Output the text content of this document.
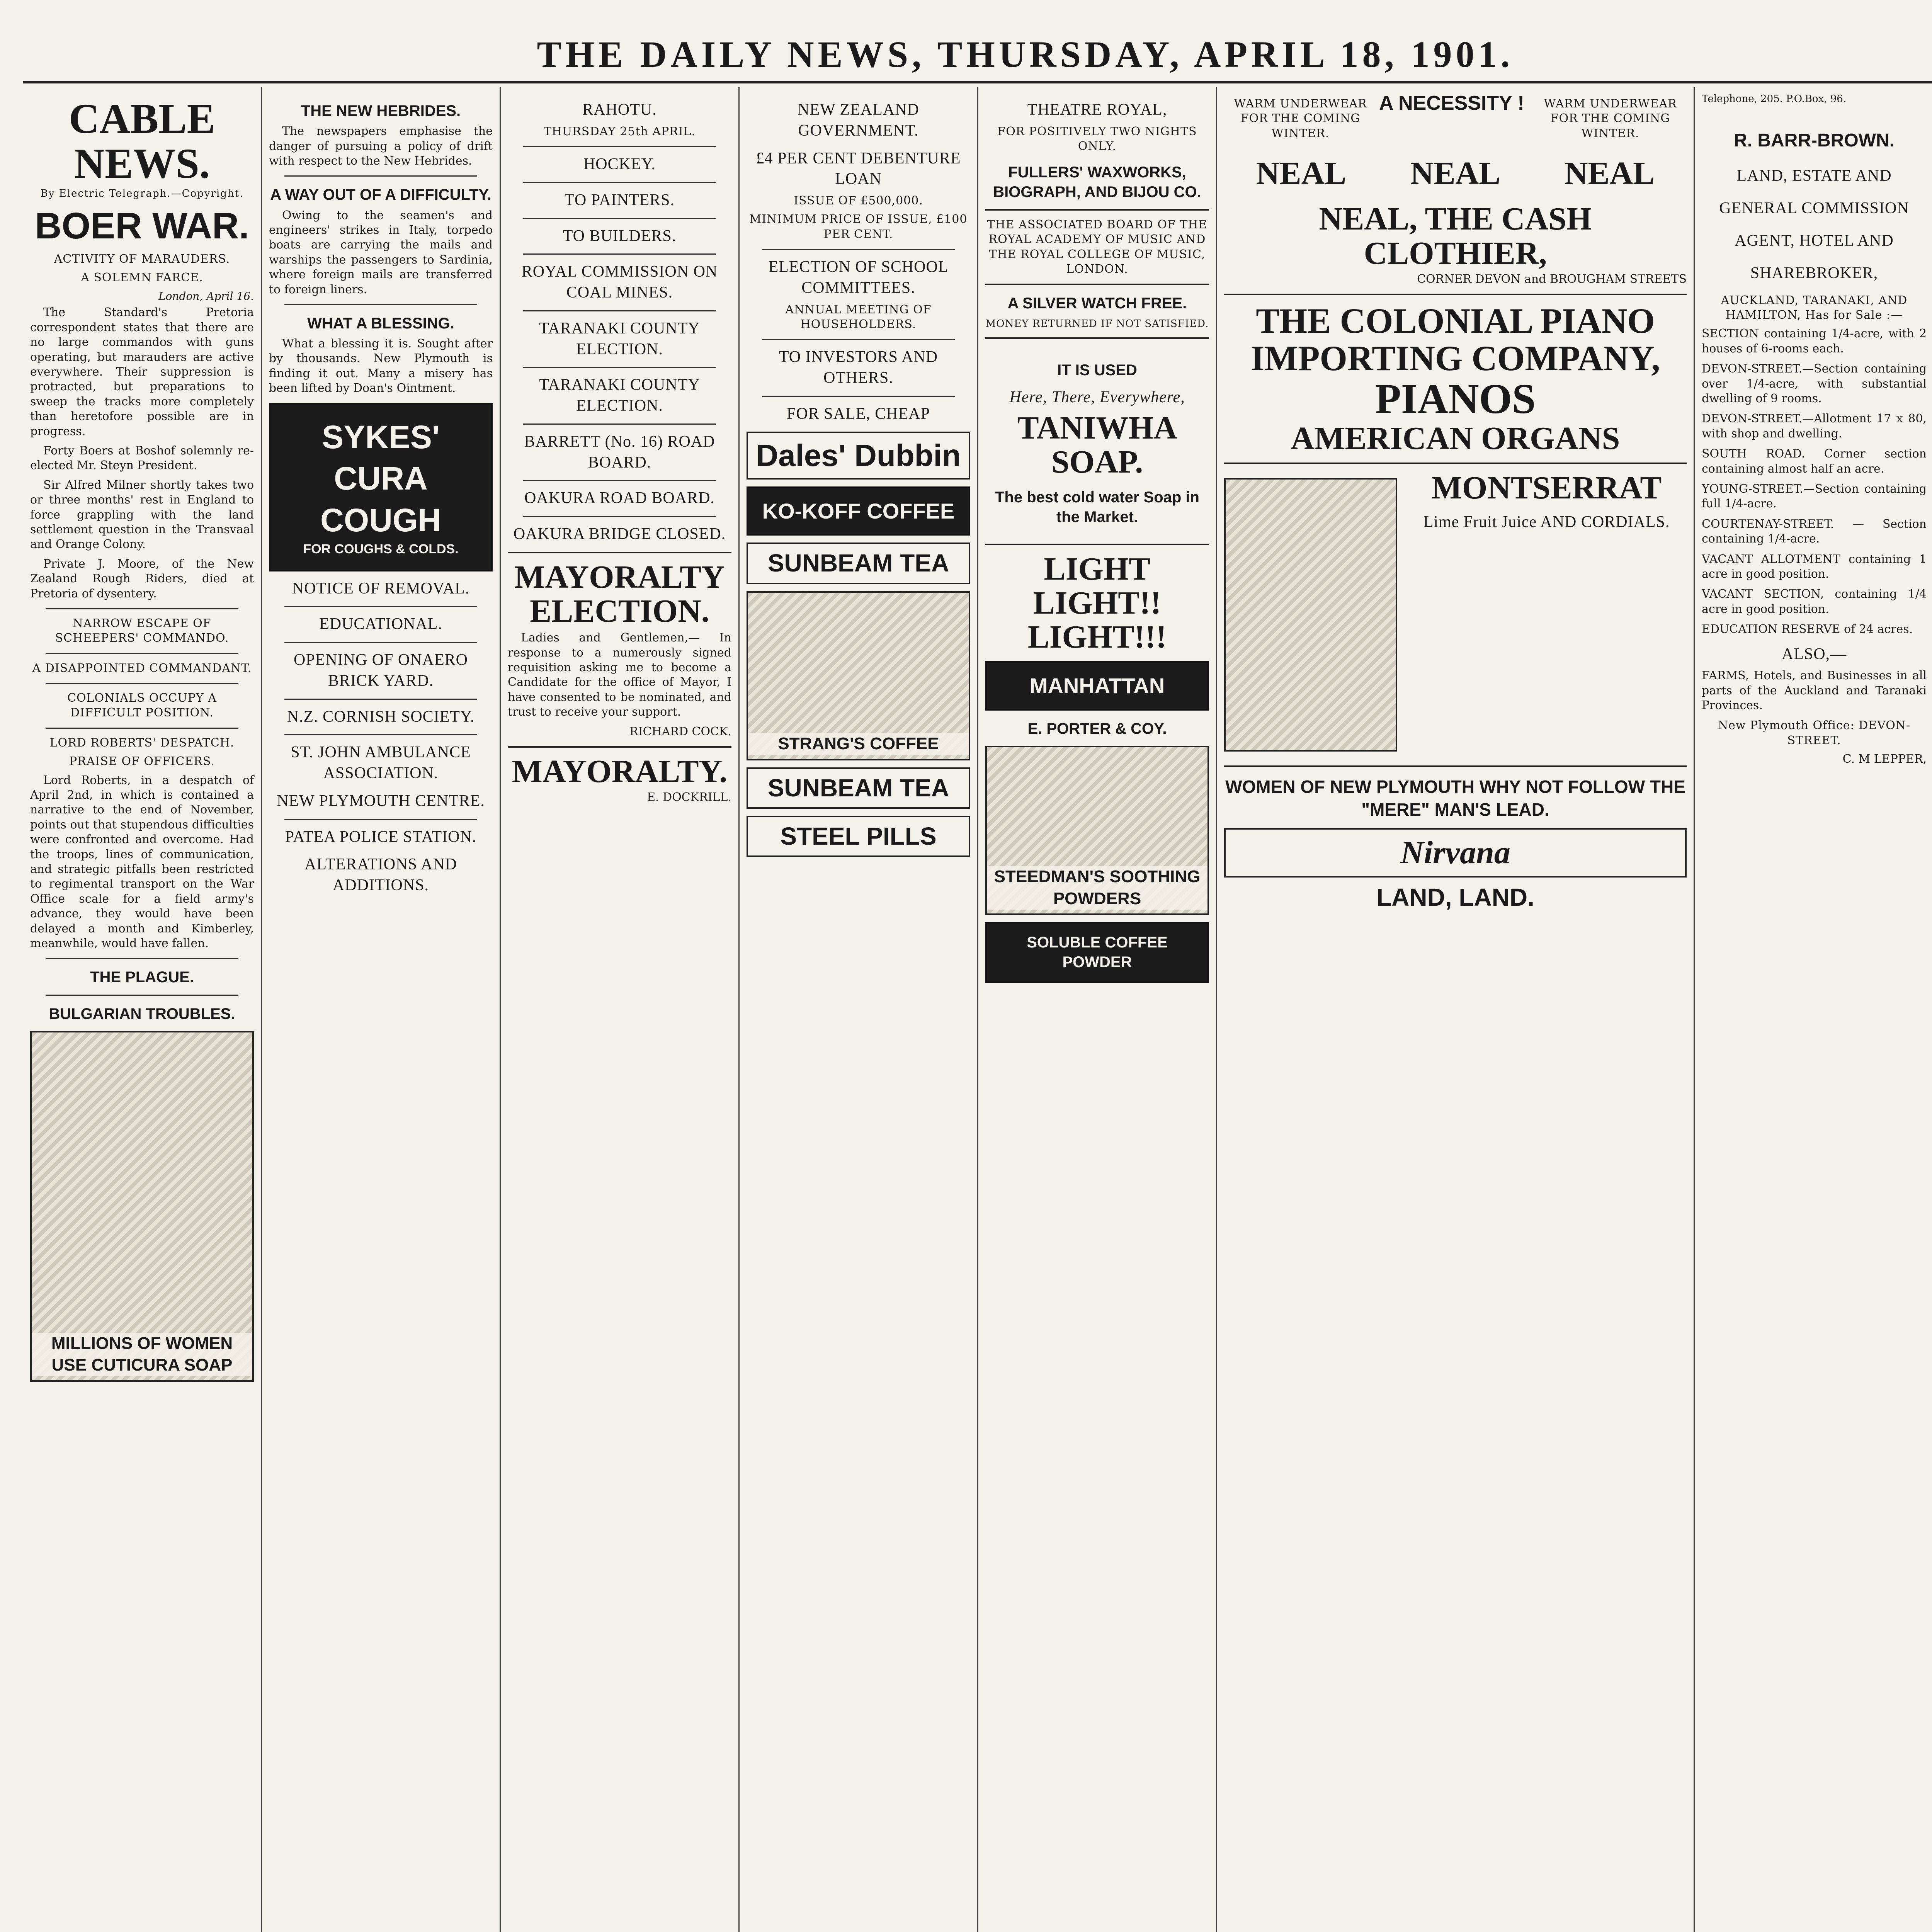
THE DAILY NEWS, THURSDAY, APRIL 18, 1901.
CABLE NEWS.
By Electric Telegraph.—Copyright.
BOER WAR.
ACTIVITY OF MARAUDERS.
A SOLEMN FARCE.
London, April 16.

The Standard's Pretoria correspondent states that there are no large commandos with guns operating, but marauders are active everywhere. Their suppression is protracted, but preparations to sweep the tracks more completely than heretofore possible are in progress.

Forty Boers at Boshof solemnly re-elected Mr. Steyn President.

Sir Alfred Milner shortly takes two or three months' rest in England to force grappling with the land settlement question in the Transvaal and Orange Colony.

Private J. Moore, of the New Zealand Rough Riders, died at Pretoria of dysentery.

NARROW ESCAPE OF SCHEEPERS' COMMANDO.
A DISAPPOINTED COMMANDANT.
COLONIALS OCCUPY A DIFFICULT POSITION.
LORD ROBERTS' DESPATCH.
PRAISE OF OFFICERS.

Lord Roberts, in a despatch of April 2nd, in which is contained a narrative to the end of November, points out that stupendous difficulties were confronted and overcome. Had the troops, lines of communication, and strategic pitfalls been restricted to regimental transport on the War Office scale for a field army's advance, they would have been delayed a month and Kimberley, meanwhile, would have fallen.

THE PLAGUE.
BULGARIAN TROUBLES.
MILLIONS OF WOMEN USE CUTICURA SOAP
THE NEW HEBRIDES.

The newspapers emphasise the danger of pursuing a policy of drift with respect to the New Hebrides.

A WAY OUT OF A DIFFICULTY.

Owing to the seamen's and engineers' strikes in Italy, torpedo boats are carrying the mails and warships the passengers to Sardinia, where foreign mails are transferred to foreign liners.

WHAT A BLESSING.

What a blessing it is. Sought after by thousands. New Plymouth is finding it out. Many a misery has been lifted by Doan's Ointment.

SYKES' CURA COUGH
FOR COUGHS & COLDS.
NOTICE OF REMOVAL.
EDUCATIONAL.
OPENING OF ONAERO BRICK YARD.
N.Z. CORNISH SOCIETY.
ST. JOHN AMBULANCE ASSOCIATION.
NEW PLYMOUTH CENTRE.
PATEA POLICE STATION.
ALTERATIONS AND ADDITIONS.
RAHOTU.
THURSDAY 25th APRIL.
HOCKEY.
TO PAINTERS.
TO BUILDERS.
ROYAL COMMISSION ON COAL MINES.
TARANAKI COUNTY ELECTION.
TARANAKI COUNTY ELECTION.
BARRETT (No. 16) ROAD BOARD.
OAKURA ROAD BOARD.
OAKURA BRIDGE CLOSED.
MAYORALTY ELECTION.

Ladies and Gentlemen,— In response to a numerously signed requisition asking me to become a Candidate for the office of Mayor, I have consented to be nominated, and trust to receive your support.

RICHARD COCK.
MAYORALTY.
E. DOCKRILL.
NEW ZEALAND GOVERNMENT.
£4 PER CENT DEBENTURE LOAN
ISSUE OF £500,000.
MINIMUM PRICE OF ISSUE, £100 PER CENT.
ELECTION OF SCHOOL COMMITTEES.
ANNUAL MEETING OF HOUSEHOLDERS.
TO INVESTORS AND OTHERS.
FOR SALE, CHEAP
Dales' Dubbin
KO-KOFF COFFEE
SUNBEAM TEA
STRANG'S COFFEE
SUNBEAM TEA
STEEL PILLS
THEATRE ROYAL,
FOR POSITIVELY TWO NIGHTS ONLY.
FULLERS' WAXWORKS, BIOGRAPH, AND BIJOU CO.
THE ASSOCIATED BOARD OF THE ROYAL ACADEMY OF MUSIC AND THE ROYAL COLLEGE OF MUSIC, LONDON.
A SILVER WATCH FREE.
MONEY RETURNED IF NOT SATISFIED.
IT IS USED
Here, There, Everywhere,
TANIWHA SOAP.
The best cold water Soap in the Market.
LIGHT LIGHT!! LIGHT!!!
MANHATTAN
E. PORTER & COY.
STEEDMAN'S SOOTHING POWDERS
SOLUBLE COFFEE POWDER
WARM UNDERWEAR FOR THE COMING WINTER.
A NECESSITY !	WARM UNDERWEAR FOR THE COMING WINTER.
NEAL NEAL NEAL
NEAL, THE CASH CLOTHIER,
CORNER DEVON and BROUGHAM STREETS
THE COLONIAL PIANO IMPORTING COMPANY,
PIANOS
AMERICAN ORGANS
MONTSERRAT
Lime Fruit Juice AND CORDIALS.
WOMEN OF NEW PLYMOUTH WHY NOT FOLLOW THE "MERE" MAN'S LEAD.
Nirvana
LAND, LAND.
Telephone, 205. P.O.Box, 96.
R. BARR-BROWN.
LAND, ESTATE AND GENERAL COMMISSION AGENT, HOTEL AND SHAREBROKER,
AUCKLAND, TARANAKI, AND HAMILTON, Has for Sale :—
SECTION containing 1/4-acre, with 2 houses of 6-rooms each.
DEVON-STREET.—Section containing over 1/4-acre, with substantial dwelling of 9 rooms.
DEVON-STREET.—Allotment 17 x 80, with shop and dwelling.
SOUTH ROAD. Corner section containing almost half an acre.
YOUNG-STREET.—Section containing full 1/4-acre.
COURTENAY-STREET. — Section containing 1/4-acre.
VACANT ALLOTMENT containing 1 acre in good position.
VACANT SECTION, containing 1/4 acre in good position.
EDUCATION RESERVE of 24 acres.
ALSO,—
FARMS, Hotels, and Businesses in all parts of the Auckland and Taranaki Provinces.
New Plymouth Office: DEVON-STREET.
C. M LEPPER,
